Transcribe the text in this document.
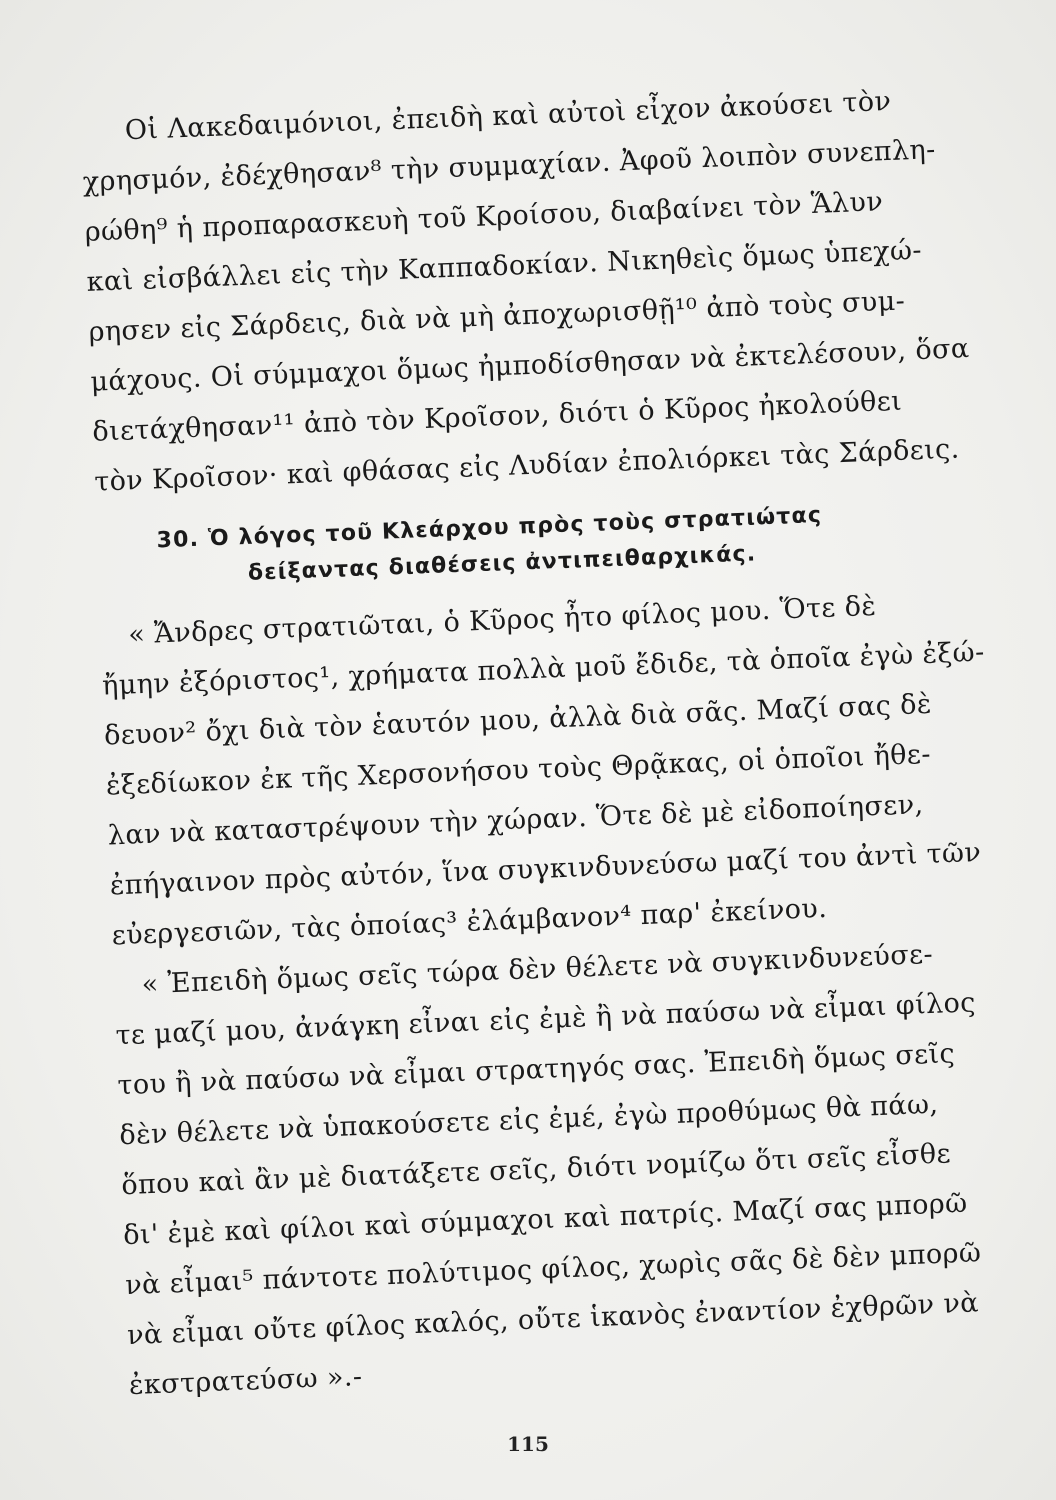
Οἱ Λακεδαιμόνιοι, ἐπειδὴ καὶ αὐτοὶ εἶχον ἀκούσει τὸν
χρησμόν, ἐδέχθησαν⁸ τὴν συμμαχίαν. Ἀφοῦ λοιπὸν συνεπλη-
ρώθη⁹ ἡ προπαρασκευὴ τοῦ Κροίσου, διαβαίνει τὸν Ἅλυν
καὶ εἰσβάλλει εἰς τὴν Καππαδοκίαν. Νικηθεὶς ὅμως ὑπεχώ-
ρησεν εἰς Σάρδεις, διὰ νὰ μὴ ἀποχωρισθῇ¹⁰ ἀπὸ τοὺς συμ-
μάχους. Οἱ σύμμαχοι ὅμως ἠμποδίσθησαν νὰ ἐκτελέσουν, ὅσα
διετάχθησαν¹¹ ἀπὸ τὸν Κροῖσον, διότι ὁ Κῦρος ἠκολούθει
τὸν Κροῖσον· καὶ φθάσας εἰς Λυδίαν ἐπολιόρκει τὰς Σάρδεις.
30. Ὁ λόγος τοῦ Κλεάρχου πρὸς τοὺς στρατιώτας
δείξαντας διαθέσεις ἀντιπειθαρχικάς.
« Ἄνδρες στρατιῶται, ὁ Κῦρος ἦτο φίλος μου. Ὅτε δὲ
ἤμην ἐξόριστος¹, χρήματα πολλὰ μοῦ ἔδιδε, τὰ ὁποῖα ἐγὼ ἐξώ-
δευον² ὄχι διὰ τὸν ἑαυτόν μου, ἀλλὰ διὰ σᾶς. Μαζί σας δὲ
ἐξεδίωκον ἐκ τῆς Χερσονήσου τοὺς Θρᾷκας, οἱ ὁποῖοι ἤθε-
λαν νὰ καταστρέψουν τὴν χώραν. Ὅτε δὲ μὲ εἰδοποίησεν,
ἐπήγαινον πρὸς αὐτόν, ἵνα συγκινδυνεύσω μαζί του ἀντὶ τῶν
εὐεργεσιῶν, τὰς ὁποίας³ ἐλάμβανον⁴ παρ' ἐκείνου.
« Ἐπειδὴ ὅμως σεῖς τώρα δὲν θέλετε νὰ συγκινδυνεύσε-
τε μαζί μου, ἀνάγκη εἶναι εἰς ἐμὲ ἢ νὰ παύσω νὰ εἶμαι φίλος
του ἢ νὰ παύσω νὰ εἶμαι στρατηγός σας. Ἐπειδὴ ὅμως σεῖς
δὲν θέλετε νὰ ὑπακούσετε εἰς ἐμέ, ἐγὼ προθύμως θὰ πάω,
ὅπου καὶ ἂν μὲ διατάξετε σεῖς, διότι νομίζω ὅτι σεῖς εἶσθε
δι' ἐμὲ καὶ φίλοι καὶ σύμμαχοι καὶ πατρίς. Μαζί σας μπορῶ
νὰ εἶμαι⁵ πάντοτε πολύτιμος φίλος, χωρὶς σᾶς δὲ δὲν μπορῶ
νὰ εἶμαι οὔτε φίλος καλός, οὔτε ἱκανὸς ἐναντίον ἐχθρῶν νὰ
ἐκστρατεύσω ».-
115
